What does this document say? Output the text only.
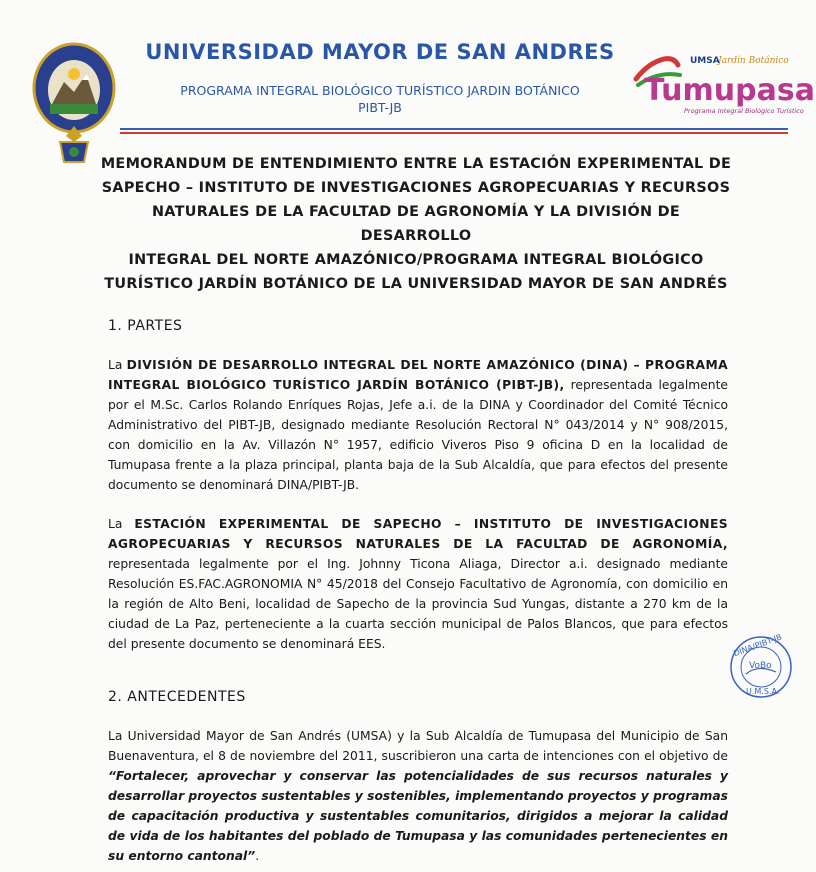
UNIVERSIDAD MAYOR DE SAN ANDRES
PROGRAMA INTEGRAL BIOLÓGICO TURÍSTICO JARDIN BOTÁNICO
PIBT-JB
UMSA
Jardín Botánico
Tumupasa
Programa Integral Biológico Turístico
MEMORANDUM DE ENTENDIMIENTO ENTRE LA ESTACIÓN EXPERIMENTAL DE
SAPECHO – INSTITUTO DE INVESTIGACIONES AGROPECUARIAS Y RECURSOS
NATURALES DE LA FACULTAD DE AGRONOMÍA Y LA DIVISIÓN DE DESARROLLO
INTEGRAL DEL NORTE AMAZÓNICO/PROGRAMA INTEGRAL BIOLÓGICO
TURÍSTICO JARDÍN BOTÁNICO DE LA UNIVERSIDAD MAYOR DE SAN ANDRÉS
1. PARTES
La DIVISIÓN DE DESARROLLO INTEGRAL DEL NORTE AMAZÓNICO (DINA) – PROGRAMA INTEGRAL BIOLÓGICO TURÍSTICO JARDÍN BOTÁNICO (PIBT-JB), representada legalmente por el M.Sc. Carlos Rolando Enríques Rojas, Jefe a.i. de la DINA y Coordinador del Comité Técnico Administrativo del PIBT-JB, designado mediante Resolución Rectoral N° 043/2014 y N° 908/2015, con domicilio en la Av. Villazón N° 1957, edificio Viveros Piso 9 oficina D en la localidad de Tumupasa frente a la plaza principal, planta baja de la Sub Alcaldía, que para efectos del presente documento se denominará DINA/PIBT-JB.
La ESTACIÓN EXPERIMENTAL DE SAPECHO – INSTITUTO DE INVESTIGACIONES AGROPECUARIAS Y RECURSOS NATURALES DE LA FACULTAD DE AGRONOMÍA, representada legalmente por el Ing. Johnny Ticona Aliaga, Director a.i. designado mediante Resolución ES.FAC.AGRONOMIA N° 45/2018 del Consejo Facultativo de Agronomía, con domicilio en la región de Alto Beni, localidad de Sapecho de la provincia Sud Yungas, distante a 270 km de la ciudad de La Paz, perteneciente a la cuarta sección municipal de Palos Blancos, que para efectos del presente documento se denominará EES.
2. ANTECEDENTES
La Universidad Mayor de San Andrés (UMSA) y la Sub Alcaldía de Tumupasa del Municipio de San Buenaventura, el 8 de noviembre del 2011, suscribieron una carta de intenciones con el objetivo de “Fortalecer, aprovechar y conservar las potencialidades de sus recursos naturales y desarrollar proyectos sustentables y sostenibles, implementando proyectos y programas de capacitación productiva y sustentables comunitarios, dirigidos a mejorar la calidad de vida de los habitantes del poblado de Tumupasa y las comunidades pertenecientes en su entorno cantonal”.
DINA/PIBT-JB
VoBo
U.M.S.A.
